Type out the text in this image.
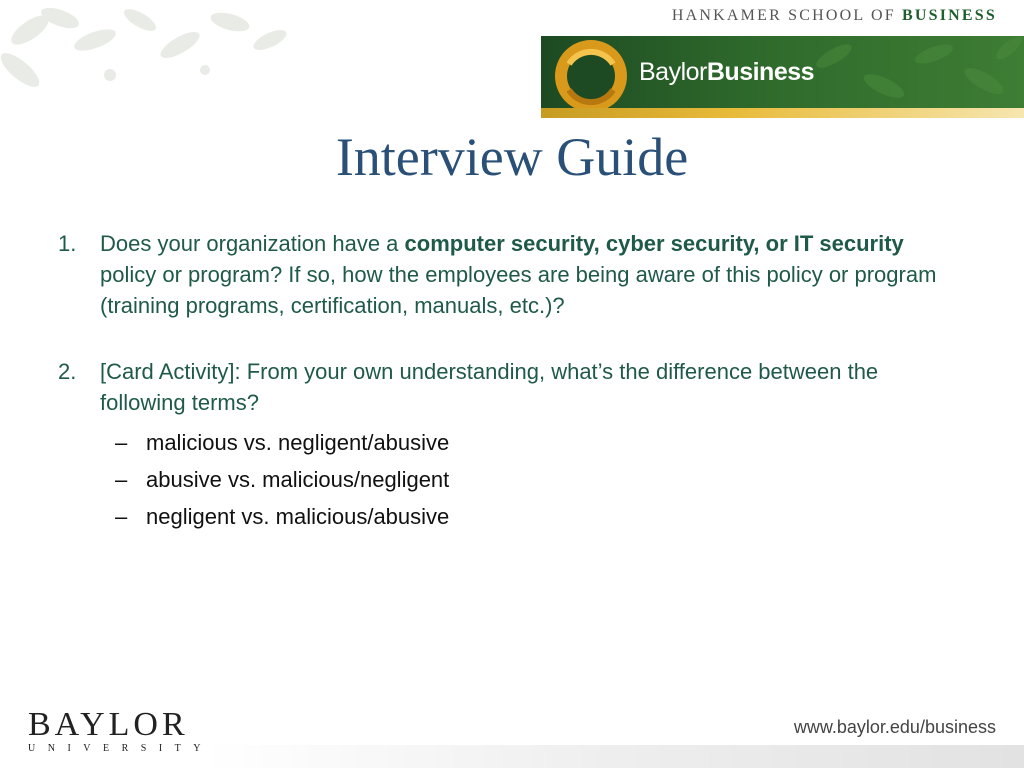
HANKAMER SCHOOL OF BUSINESS
BaylorBusiness
Interview Guide
1.	Does your organization have a computer security, cyber security, or IT security policy or program? If so, how the employees are being aware of this policy or program (training programs, certification, manuals, etc.)?
2.	[Card Activity]: From your own understanding, what’s the difference between the following terms?
– malicious vs. negligent/abusive
– abusive vs. malicious/negligent
– negligent vs. malicious/abusive
BAYLOR
UNIVERSITY
www.baylor.edu/business
